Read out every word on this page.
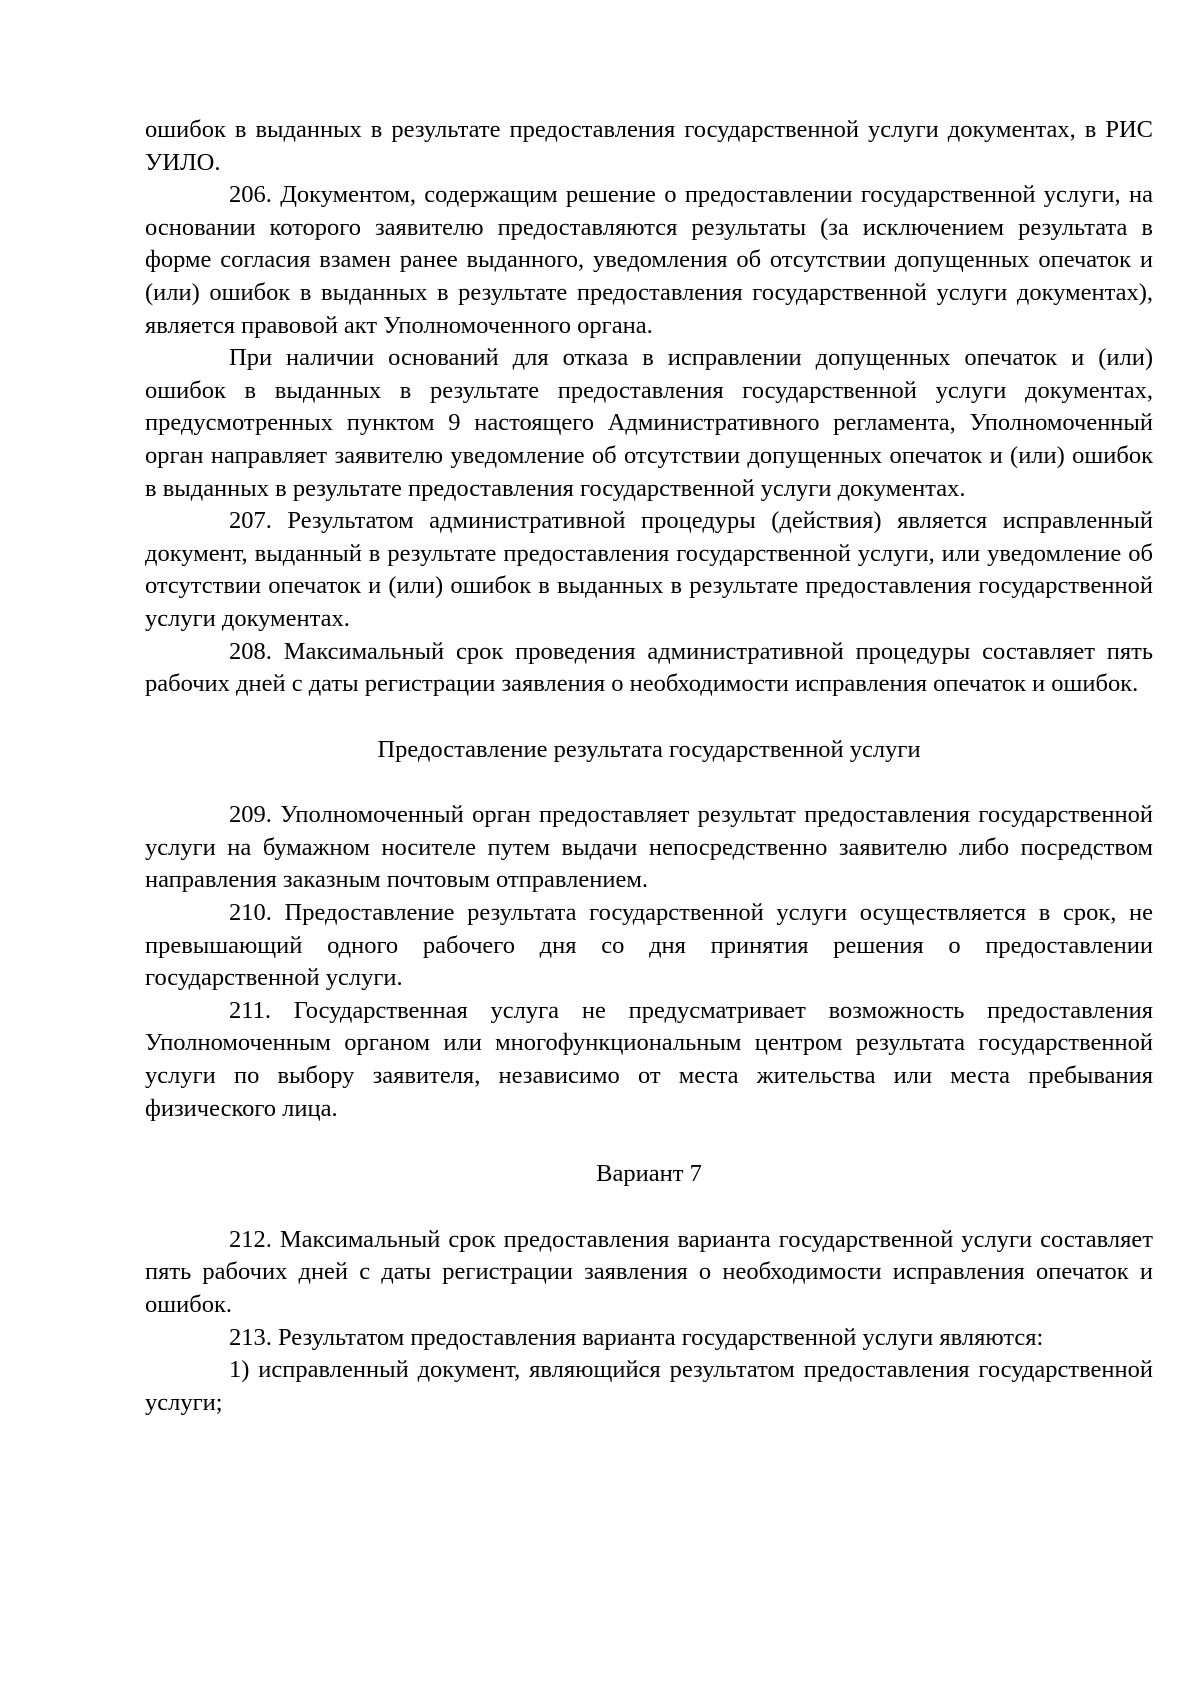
ошибок в выданных в результате предоставления государственной услуги документах, в РИС УИЛО.

206. Документом, содержащим решение о предоставлении государственной услуги, на основании которого заявителю предоставляются результаты (за исключением результата в форме согласия взамен ранее выданного, уведомления об отсутствии допущенных опечаток и (или) ошибок в выданных в результате предоставления государственной услуги документах), является правовой акт Уполномоченного органа.

При наличии оснований для отказа в исправлении допущенных опечаток и (или) ошибок в выданных в результате предоставления государственной услуги документах, предусмотренных пунктом 9 настоящего Административного регламента, Уполномоченный орган направляет заявителю уведомление об отсутствии допущенных опечаток и (или) ошибок в выданных в результате предоставления государственной услуги документах.

207. Результатом административной процедуры (действия) является исправленный документ, выданный в результате предоставления государственной услуги, или уведомление об отсутствии опечаток и (или) ошибок в выданных в результате предоставления государственной услуги документах.

208. Максимальный срок проведения административной процедуры составляет пять рабочих дней с даты регистрации заявления о необходимости исправления опечаток и ошибок.

Предоставление результата государственной услуги

209. Уполномоченный орган предоставляет результат предоставления государственной услуги на бумажном носителе путем выдачи непосредственно заявителю либо посредством направления заказным почтовым отправлением.

210. Предоставление результата государственной услуги осуществляется в срок, не превышающий одного рабочего дня со дня принятия решения о предоставлении государственной услуги.

211. Государственная услуга не предусматривает возможность предоставления Уполномоченным органом или многофункциональным центром результата государственной услуги по выбору заявителя, независимо от места жительства или места пребывания физического лица.

Вариант 7

212. Максимальный срок предоставления варианта государственной услуги составляет пять рабочих дней с даты регистрации заявления о необходимости исправления опечаток и ошибок.

213. Результатом предоставления варианта государственной услуги являются:

1) исправленный документ, являющийся результатом предоставления государственной услуги;
